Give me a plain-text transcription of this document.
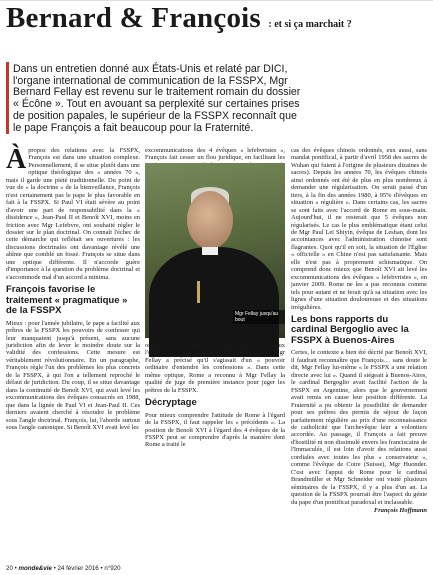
Bernard & François : et si ça marchait ?

Dans un entretien donné aux États-Unis et relaté par DICI, l'organe international de communication de la FSSPX, Mgr Bernard Fellay est revenu sur le traitement romain du dossier « Écône ». Tout en avouant sa perplexité sur certaines prises de position papales, le supérieur de la FSSPX reconnaît que le pape François a fait beaucoup pour la Fraternité.

Àpropos des relations avec la FSSPX, François est dans une situation complexe. Personnellement, il se situe plutôt dans une optique théologique des « années 70 », mais il garde une piété traditionnelle. Du point de vue de « la doctrine » de la bienveillance, François n'est certainement pas le pape le plus favorable en fait à la FSSPX. Si Paul VI était sévère au point d'avoir une part de responsabilité dans la « dissidence », Jean-Paul II et Benoît XVI, moins en friction avec Mgr Lefebvre, ont souhaité régler le dossier sur le plan doctrinal. On connaît l'échec de cette démarche qui reflétait ses ouvertures : les discussions doctrinales ont davantage révélé une abîme que comblé un fossé. François se situe dans une optique différente. Il n'accorde guère d'importance à la question du problème doctrinal et s'accommode mal d'un accord a minima.

François favorise le traitement « pragmatique » de la FSSPX

Mieux : pour l'année jubilaire, le pape a facilité aux prêtres de la FSSPX les pouvoirs de confesser qui leur manquaient jusqu'à présent, sans aucune juridiction afin de lever le moindre doute sur la validité des confessions. Cette mesure est véritablement révolutionnaire. En un paragraphe, François règle l'un des problèmes les plus concrets de la FSSPX, à qui l'on a tellement reproché le défaut de juridiction. Du coup, il se situe davantage dans la continuité de Benoît XVI, qui avait levé les excommunications des évêques consacrés en 1988, que dans la lignée de Paul VI et Jean-Paul II. Ces derniers avaient cherché à résoudre le problème sous l'angle doctrinal. François, lui, l'aborde surtout sous l'angle canonique. Si Benoît XVI avait levé les

excommunications des 4 évêques « lefebvristes », François fait cesser un flou juridique, en facilitant les

Mgr Fellay jusqu'au bout

organisation parallèle ?). La juridiction, il vaut mieux l'obtenir du pape qu'à son corps défendant… Mgr Fellay a précisé qu'il s'agissait d'un « pouvoir ordinaire d'entendre les confessions ». Dans cette même optique, Rome a reconnu à Mgr Fellay la qualité de juge de première instance pour juger les prêtres de la FSSPX.

Décryptage

Pour mieux comprendre l'attitude de Rome à l'égard de la FSSPX, il faut rappeler les « précédents ». La position de Benoît XVI à l'égard des 4 évêques de la FSSPX peut se comprendre d'après la manière dont Rome a traité le

cas des évêques chinois ordonnés, eux aussi, sans mandat pontifical, à partir d'avril 1958 des sacres de Wuhan qui fuient à l'origine de plusieurs dizaines de sacres). Depuis les années 70, les évêques chinois ainsi ordonnés ont été de plus en plus nombreux à demander une régularisation. On serait passé d'un tiers, à la fin des années 1980, à 95% d'évêques en situation « régulière ». Dans certains cas, les sacres se sont faits avec l'accord de Rome en sous-main. Aujourd'hui, il ne resterait que 5 évêques non régularisés. Le cas le plus emblématique étant celui de Mgr Paul Lei Shiyin, évêque de Leshan, dont les accointances avec l'administration chinoise sont flagrantes. Quoi qu'il en soit, la situation de l'Église « officielle » en Chine n'est pas satisfaisante. Mais elle n'est pas à proprement schismatique. On comprend donc mieux que Benoît XVI ait levé les excommunications des évêques « lefebvristes », en janvier 2009. Rome ne les a pas reconnus comme tels pour autant et ne ferait qu'à sa situation avec les lignes d'une situation douloureuse et des situations irrégulières.

Les bons rapports du cardinal Bergoglio avec la FSSPX à Buenos-Aires

Certes, le contexte a bien été décrié par Benoît XVI, il faudrait reconnaître que François… sans doute le dit, Mgr Fellay lui-même « le FSSPX a une relation directe avec lui ». Quand il siégeait à Buenos-Aires, le cardinal Bergoglio avait facilité l'action de la FSSPX en Argentine, alors que le gouvernement avait remis en cause leur position différente. La Fraternité a pu obtenir la possibilité de demander pour ses prêtres des permis de séjour de façon parfaitement régulière au prix d'une reconnaissance de catholicité que l'archevêque leur a volontiers accordée. Au passage, il François a fait preuve d'hostilité ni non dissimulé envers les franciscains de l'Immaculée, il est loin d'avoir des relations aussi cordiales avec toutes les plus « conservateur », comme l'évêque de Coire (Suisse), Mgr Huonder. C'est avec l'appui de Rome pour le cardinal Brandmüller et Mgr Schneider ont visité plusieurs séminaires de la FSSPX, il y a plus d'un an. La question de la FSSPX pourrait être l'aspect du génie du pape d'un pontificat paradoxal et inclassable.

François Hoffmann
20 • monde&vie • 24 février 2016 • n°920
